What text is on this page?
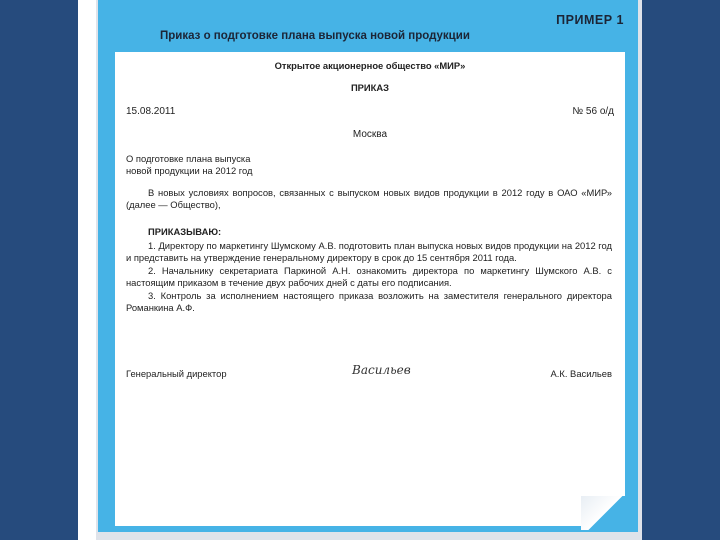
ПРИМЕР 1
Приказ о подготовке плана выпуска новой продукции
Открытое акционерное общество «МИР»
ПРИКАЗ
15.08.2011	№ 56 о/д
Москва
О подготовке плана выпуска
новой продукции на 2012 год
В новых условиях вопросов, связанных с выпуском новых видов продукции в 2012 году в ОАО «МИР» (далее — Общество),
ПРИКАЗЫВАЮ:

1. Директору по маркетингу Шумскому А.В. подготовить план выпуска новых видов продукции на 2012 год и представить на утверждение генеральному директору в срок до 15 сентября 2011 года.

2. Начальнику секретариата Паркиной А.Н. ознакомить директора по маркетингу Шумского А.В. с настоящим приказом в течение двух рабочих дней с даты его подписания.

3. Контроль за исполнением настоящего приказа возложить на заместителя генерального директора Романкина А.Ф.

Генеральный директор	Васильев	А.К. Васильев
